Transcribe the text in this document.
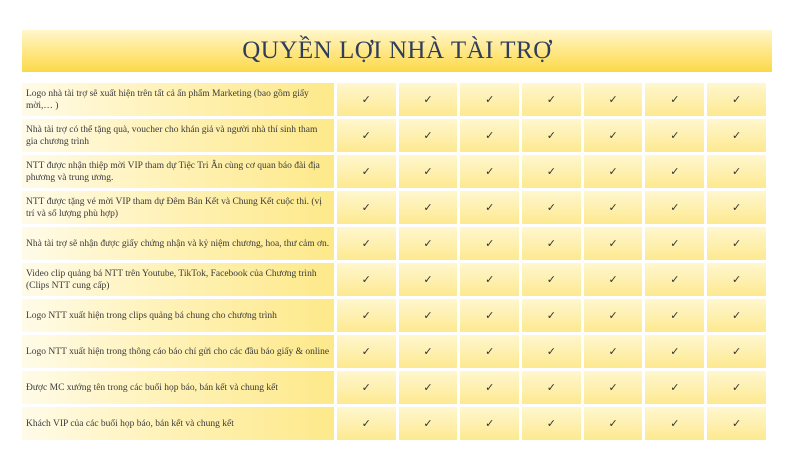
QUYỀN LỢI NHÀ TÀI TRỢ
Logo nhà tài trợ sẽ xuất hiện trên tất cả ấn phẩm Marketing (bao gồm giấy mời,… )	✓	✓	✓	✓	✓	✓	✓
Nhà tài trợ có thể tặng quà, voucher cho khán giả và người nhà thí sinh tham gia chương trình	✓	✓	✓	✓	✓	✓	✓
NTT được nhận thiệp mời VIP tham dự Tiệc Tri Ân cùng cơ quan báo đài địa phương và trung ương.	✓	✓	✓	✓	✓	✓	✓
NTT được tặng vé mời VIP tham dự Đêm Bán Kết và Chung Kết cuộc thi. (vị trí và số lượng phù hợp)	✓	✓	✓	✓	✓	✓	✓
Nhà tài trợ sẽ nhận được giấy chứng nhận và kỷ niệm chương, hoa, thư cảm ơn.	✓	✓	✓	✓	✓	✓	✓
Video clip quảng bá NTT trên Youtube, TikTok, Facebook của Chương trình (Clips NTT cung cấp)	✓	✓	✓	✓	✓	✓	✓
Logo NTT xuất hiện trong clips quảng bá chung cho chương trình	✓	✓	✓	✓	✓	✓	✓
Logo NTT xuất hiện trong thông cáo báo chí gửi cho các đầu báo giấy & online	✓	✓	✓	✓	✓	✓	✓
Được MC xướng tên trong các buổi họp báo, bán kết và chung kết	✓	✓	✓	✓	✓	✓	✓
Khách VIP của các buổi họp báo, bán kết và chung kết	✓	✓	✓	✓	✓	✓	✓
